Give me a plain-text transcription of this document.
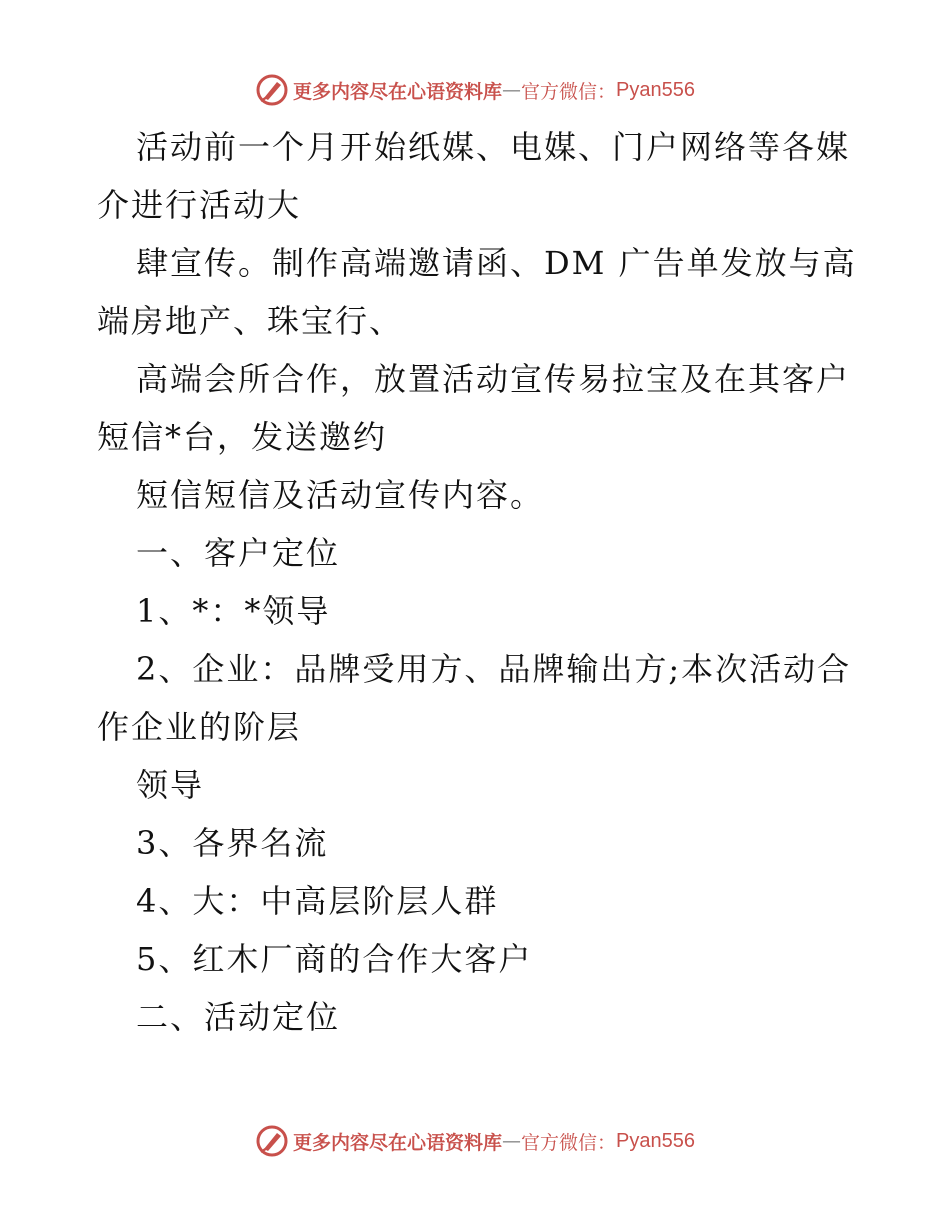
更多内容尽在心语资料库 — 官方微信： Pyan556

活动前一个月开始纸媒、电媒、门户网络等各媒介进行活动大

肆宣传。制作高端邀请函、DM 广告单发放与高端房地产、珠宝行、

高端会所合作，放置活动宣传易拉宝及在其客户短信*台，发送邀约

短信短信及活动宣传内容。

一、客户定位

1、*：*领导

2、企业：品牌受用方、品牌输出方;本次活动合作企业的阶层

领导

3、各界名流

4、大：中高层阶层人群

5、红木厂商的合作大客户

二、活动定位

更多内容尽在心语资料库 — 官方微信： Pyan556
